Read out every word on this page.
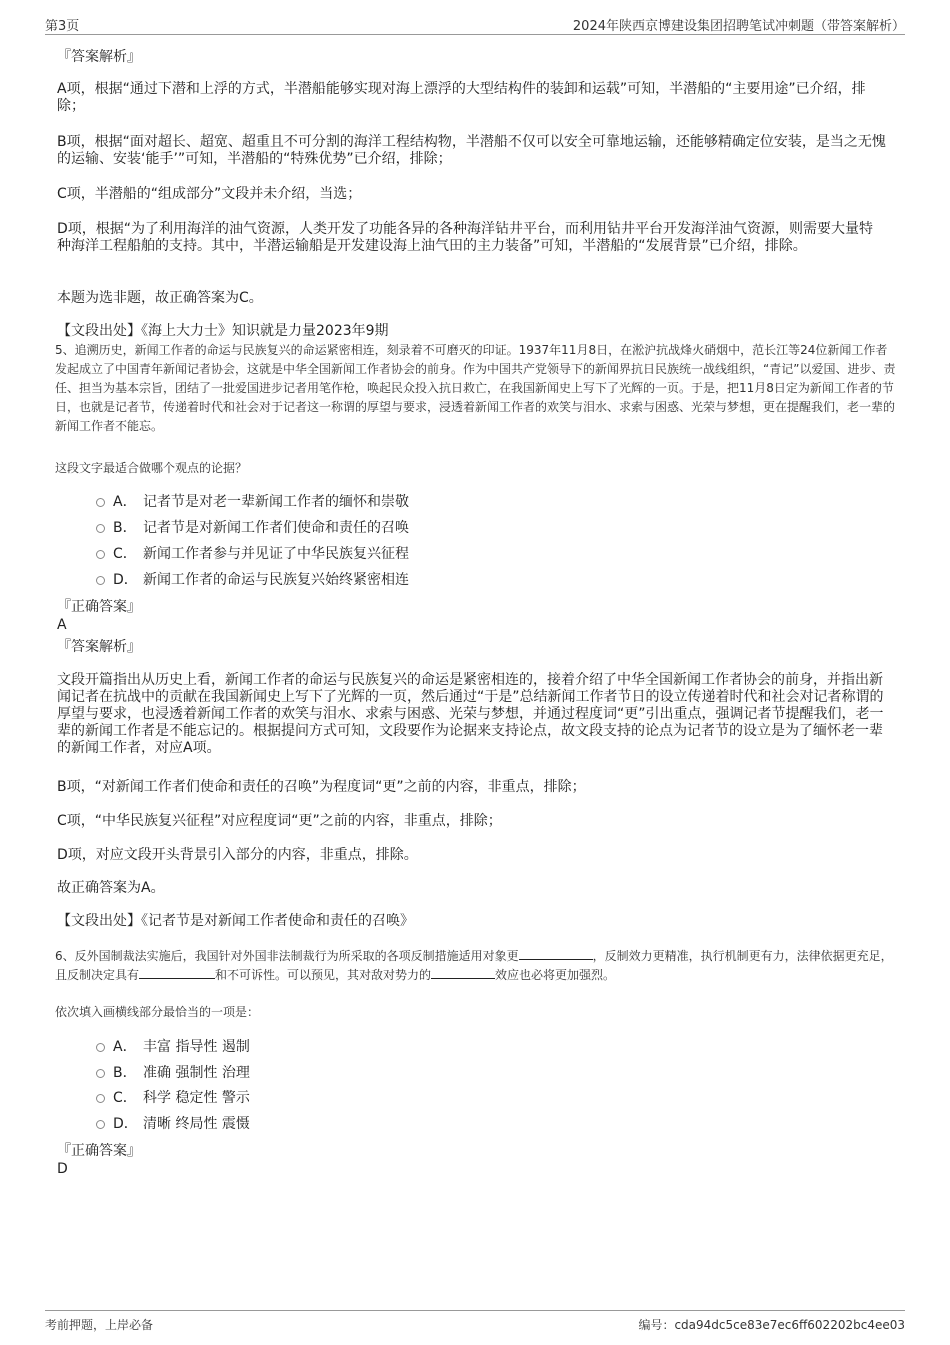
第3页	2024年陕西京博建设集团招聘笔试冲刺题（带答案解析）
『答案解析』
A项，根据“通过下潜和上浮的方式，半潜船能够实现对海上漂浮的大型结构件的装卸和运载”可知，半潜船的“主要用途”已介绍，排除；
B项，根据“面对超长、超宽、超重且不可分割的海洋工程结构物，半潜船不仅可以安全可靠地运输，还能够精确定位安装，是当之无愧的运输、安装‘能手’”可知，半潜船的“特殊优势”已介绍，排除；
C项，半潜船的“组成部分”文段并未介绍，当选；
D项，根据“为了利用海洋的油气资源，人类开发了功能各异的各种海洋钻井平台，而利用钻井平台开发海洋油气资源，则需要大量特种海洋工程船舶的支持。其中，半潜运输船是开发建设海上油气田的主力装备”可知，半潜船的“发展背景”已介绍，排除。
本题为选非题，故正确答案为C。
【文段出处】《海上大力士》知识就是力量2023年9期
5、追溯历史，新闻工作者的命运与民族复兴的命运紧密相连，刻录着不可磨灭的印证。1937年11月8日，在淞沪抗战烽火硝烟中，范长江等24位新闻工作者发起成立了中国青年新闻记者协会，这就是中华全国新闻工作者协会的前身。作为中国共产党领导下的新闻界抗日民族统一战线组织，“青记”以爱国、进步、责任、担当为基本宗旨，团结了一批爱国进步记者用笔作枪，唤起民众投入抗日救亡，在我国新闻史上写下了光辉的一页。于是，把11月8日定为新闻工作者的节日，也就是记者节，传递着时代和社会对于记者这一称谓的厚望与要求，浸透着新闻工作者的欢笑与泪水、求索与困惑、光荣与梦想，更在提醒我们，老一辈的新闻工作者不能忘。
这段文字最适合做哪个观点的论据？
A． 记者节是对老一辈新闻工作者的缅怀和崇敬
B． 记者节是对新闻工作者们使命和责任的召唤
C． 新闻工作者参与并见证了中华民族复兴征程
D． 新闻工作者的命运与民族复兴始终紧密相连
『正确答案』
A
『答案解析』
文段开篇指出从历史上看，新闻工作者的命运与民族复兴的命运是紧密相连的，接着介绍了中华全国新闻工作者协会的前身，并指出新闻记者在抗战中的贡献在我国新闻史上写下了光辉的一页，然后通过“于是”总结新闻工作者节日的设立传递着时代和社会对记者称谓的厚望与要求，也浸透着新闻工作者的欢笑与泪水、求索与困惑、光荣与梦想，并通过程度词“更”引出重点，强调记者节提醒我们，老一辈的新闻工作者是不能忘记的。根据提问方式可知，文段要作为论据来支持论点，故文段支持的论点为记者节的设立是为了缅怀老一辈的新闻工作者，对应A项。
B项，“对新闻工作者们使命和责任的召唤”为程度词“更”之前的内容，非重点，排除；
C项，“中华民族复兴征程”对应程度词“更”之前的内容，非重点，排除；
D项，对应文段开头背景引入部分的内容，非重点，排除。
故正确答案为A。
【文段出处】《记者节是对新闻工作者使命和责任的召唤》
6、反外国制裁法实施后，我国针对外国非法制裁行为所采取的各项反制措施适用对象更	，反制效力更精准，执行机制更有力，法律依据更充足，且反制决定具有	和不可诉性。可以预见，其对敌对势力的	效应也必将更加强烈。
依次填入画横线部分最恰当的一项是：
A． 丰富 指导性 遏制
B． 准确 强制性 治理
C． 科学 稳定性 警示
D． 清晰 终局性 震慑
『正确答案』
D
考前押题，上岸必备	编号：cda94dc5ce83e7ec6ff602202bc4ee03
